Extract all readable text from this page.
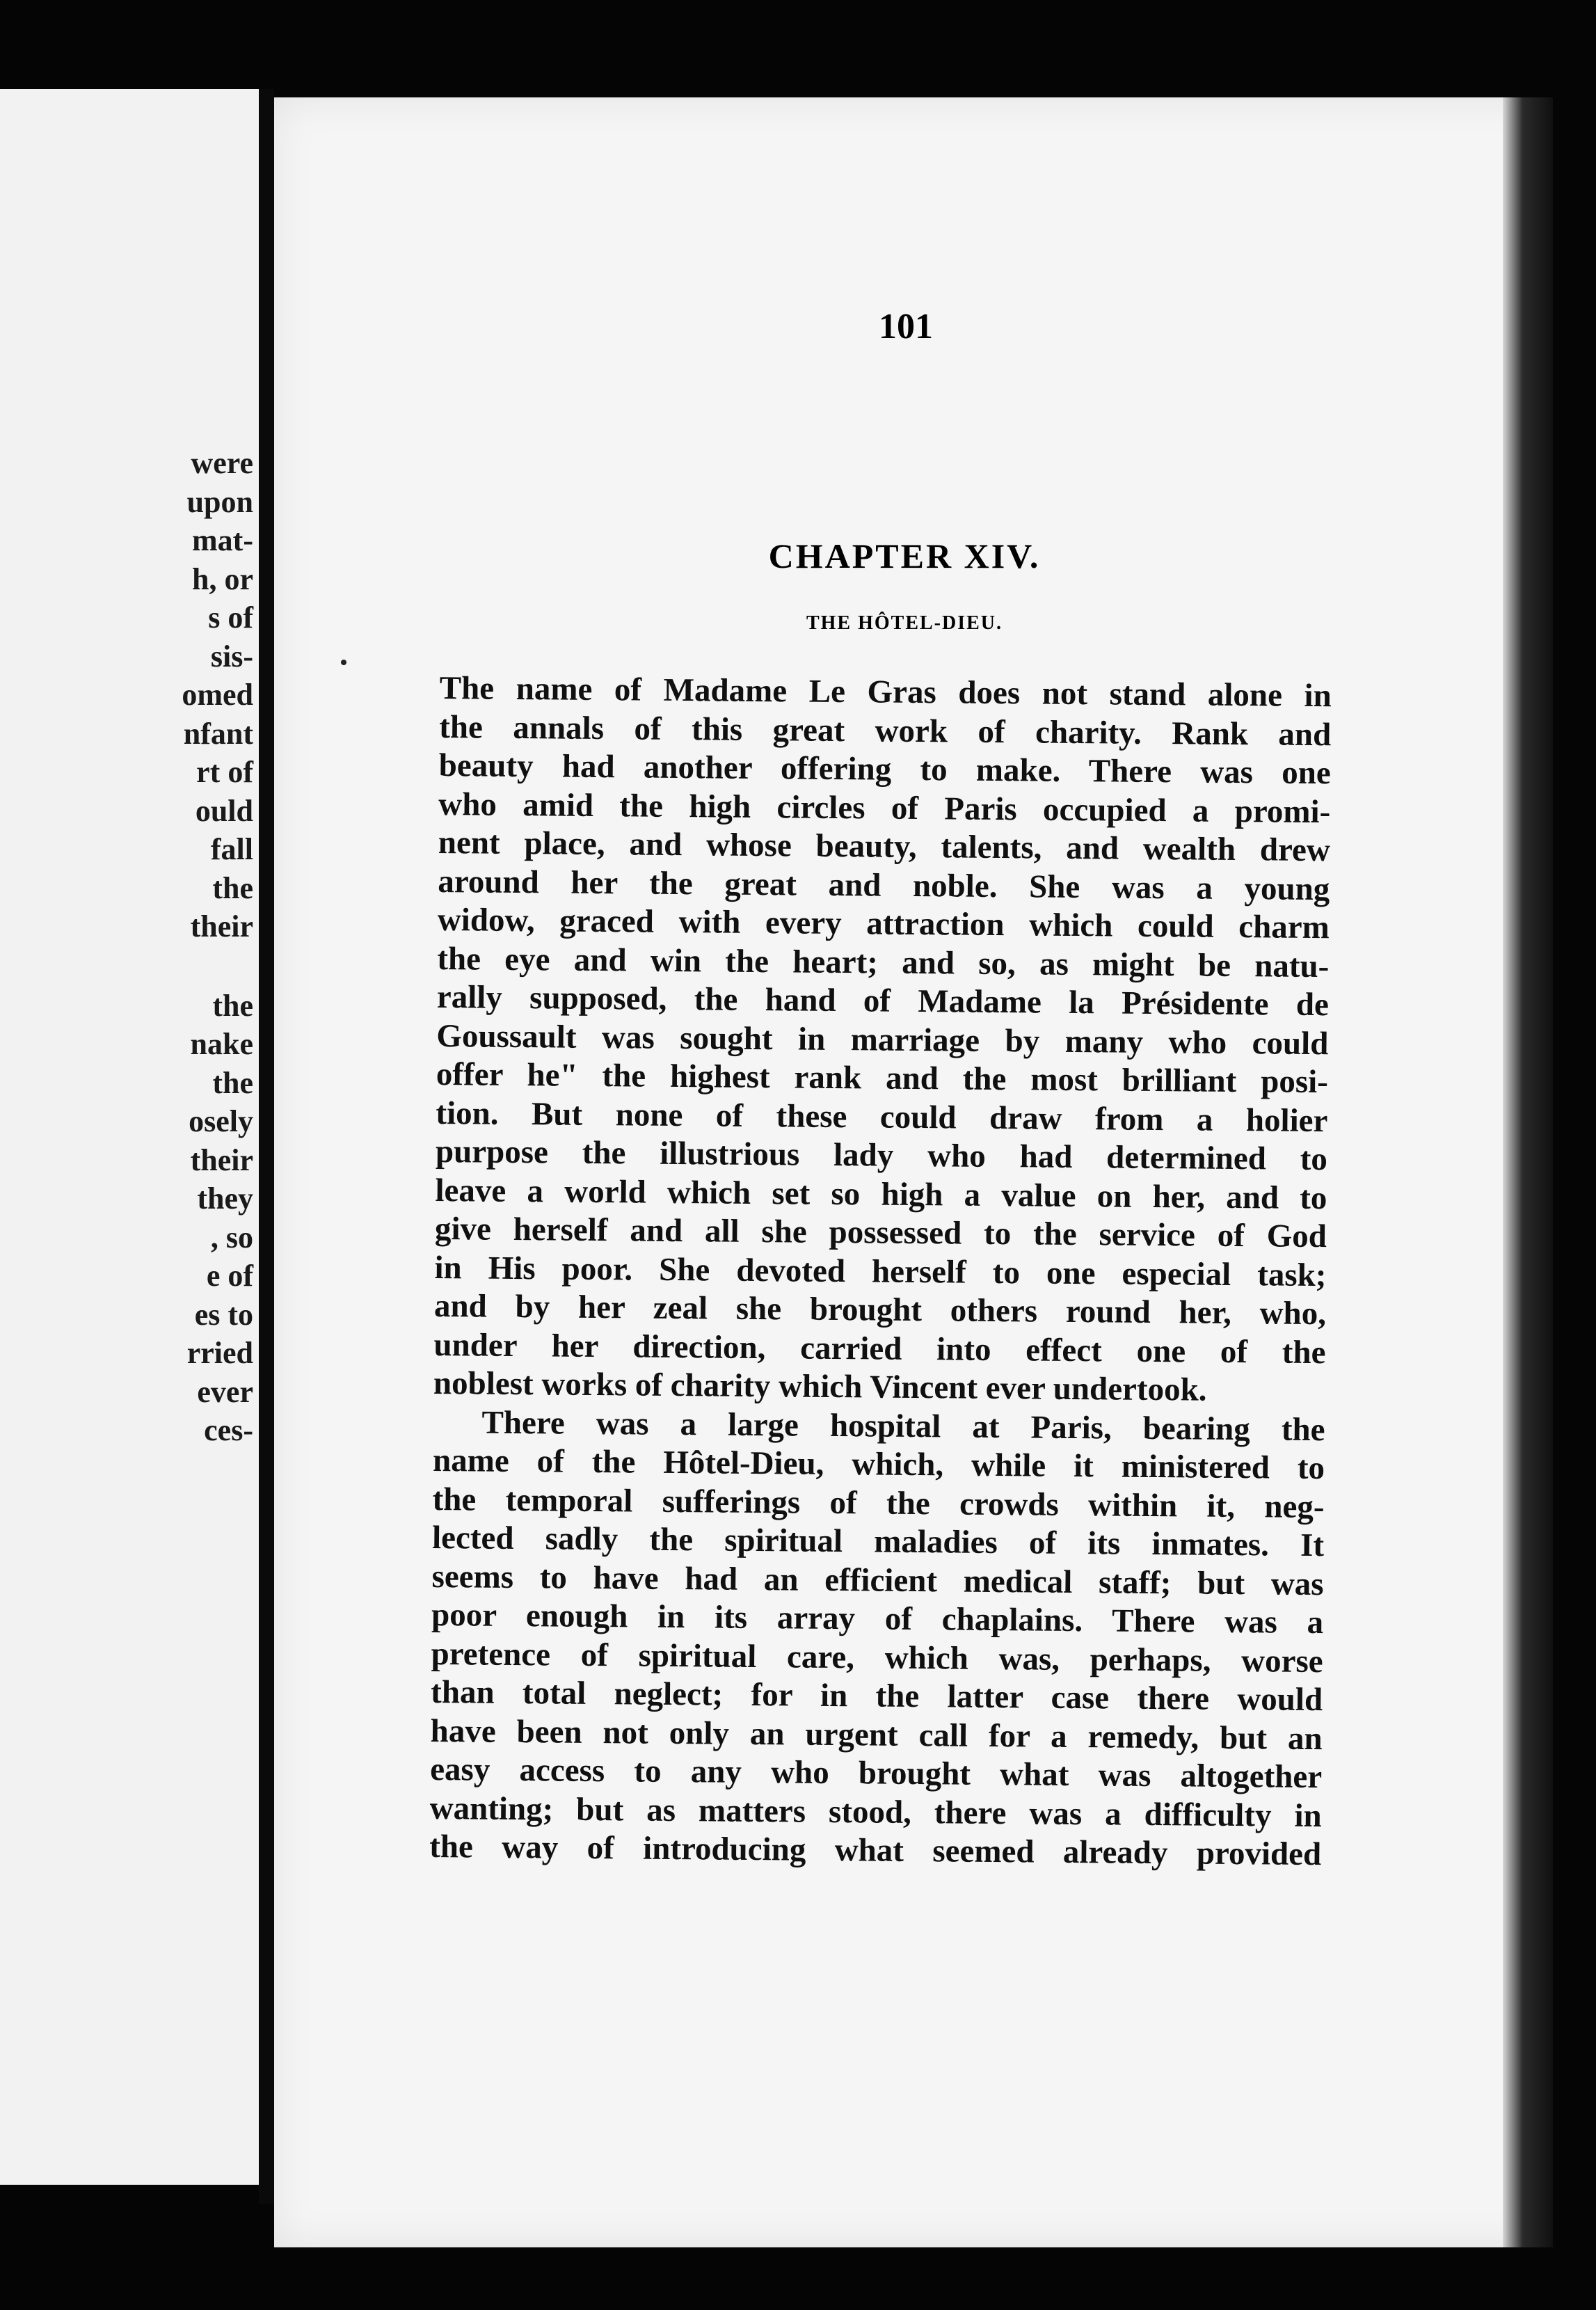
were
upon
mat-
h, or
s of
sis-
omed
nfant
rt of
ould
fall
the
their
the
nake
the
osely
their
they
, so
e of
es to
rried
ever
ces-
101
CHAPTER XIV.
THE HÔTEL-DIEU.
The name of Madame Le Gras does not stand alone in
the annals of this great work of charity. Rank and
beauty had another offering to make. There was one
who amid the high circles of Paris occupied a promi-
nent place, and whose beauty, talents, and wealth drew
around her the great and noble. She was a young
widow, graced with every attraction which could charm
the eye and win the heart; and so, as might be natu-
rally supposed, the hand of Madame la Présidente de
Goussault was sought in marriage by many who could
offer he" the highest rank and the most brilliant posi-
tion. But none of these could draw from a holier
purpose the illustrious lady who had determined to
leave a world which set so high a value on her, and to
give herself and all she possessed to the service of God
in His poor. She devoted herself to one especial task;
and by her zeal she brought others round her, who,
under her direction, carried into effect one of the
noblest works of charity which Vincent ever undertook.
There was a large hospital at Paris, bearing the
name of the Hôtel-Dieu, which, while it ministered to
the temporal sufferings of the crowds within it, neg-
lected sadly the spiritual maladies of its inmates. It
seems to have had an efficient medical staff; but was
poor enough in its array of chaplains. There was a
pretence of spiritual care, which was, perhaps, worse
than total neglect; for in the latter case there would
have been not only an urgent call for a remedy, but an
easy access to any who brought what was altogether
wanting; but as matters stood, there was a difficulty in
the way of introducing what seemed already provided
